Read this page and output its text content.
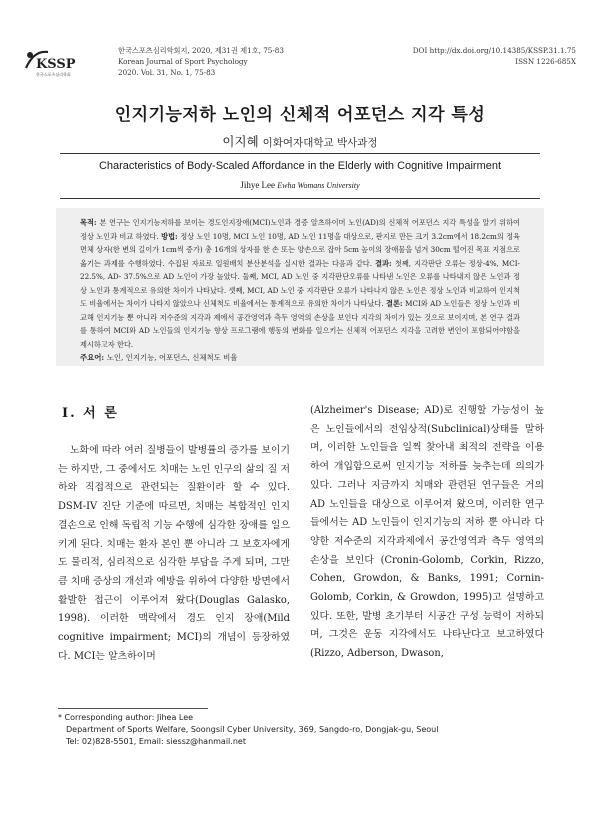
KSSP
한국스포츠심리학회
한국스포츠심리학회지, 2020, 제31권 제1호, 75-83
Korean Journal of Sport Psychology
2020. Vol. 31, No. 1, 75-83
DOI http://dx.doi.org/10.14385/KSSP.31.1.75
ISSN 1226-685X
인지기능저하 노인의 신체적 어포던스 지각 특성
이지혜 이화여자대학교 박사과정
Characteristics of Body-Scaled Affordance in the Elderly with Cognitive Impairment
Jihye Lee Ewha Womans University
목적: 본 연구는 인지기능저하를 보이는 경도인지장애(MCI)노인과 경증 알츠하이머 노인(AD)의 신체적 어포던스 지각 특성을 알기 위하여 정상 노인과 비교 하였다. 방법: 정상 노인 10명, MCI 노인 10명, AD 노인 11명을 대상으로, 판지로 만든 크기 3.2cm에서 18.2cm의 정육면체 상자(한 변의 길이가 1cm씩 증가) 총 16개의 상자를 한 손 또는 양손으로 잡아 5cm 높이의 장애물을 넘겨 30cm 떨어진 목표 지점으로 옮기는 과제를 수행하였다. 수집된 자료로 일원배치 분산분석을 실시한 결과는 다음과 같다. 결과: 첫째, 지각판단 오류는 정상-4%, MCI- 22.5%, AD- 37.5%으로 AD 노인이 가장 높았다. 둘째, MCI, AD 노인 중 지각판단오류를 나타낸 노인은 오류를 나타내지 않은 노인과 정상 노인과 통계적으로 유의한 차이가 나타났다. 셋째, MCI, AD 노인 중 지각판단 오류가 나타나지 않은 노인은 정상 노인과 비교하여 인지척도 비율에서는 차이가 나타지 않았으나 신체척도 비율에서는 통계적으로 유의한 차이가 나타났다. 결론: MCI와 AD 노인들은 정상 노인과 비교해 인지기능 뿐 아니라 저수준의 지각과 제에서 공간영역과 측두 영역의 손상을 보인다 지각의 차이가 있는 것으로 보이지며, 본 연구 결과를 통하여 MCI와 AD 노인들의 인지기능 향상 프로그램에 행동의 변화를 일으키는 신체적 어포던스 지각을 고려한 변인이 포함되어야함을 제시하고자 한다.
주요어: 노인, 인지기능, 어포던스, 신체척도 비율
Ⅰ. 서 론
노화에 따라 여러 질병들이 발병률의 증가를 보이기는 하지만, 그 중에서도 치매는 노인 인구의 삶의 질 저하와 직접적으로 관련되는 질환이라 할 수 있다. DSM-IV 진단 기준에 따르면, 치매는 복합적인 인지결손으로 인해 독립적 기능 수행에 심각한 장애를 일으키게 된다. 치매는 환자 본인 뿐 아니라 그 보호자에게도 물리적, 심리적으로 심각한 부담을 주게 되며, 그만큼 치매 증상의 개선과 예방을 위하여 다양한 방면에서 활발한 접근이 이루어져 왔다(Douglas Galasko, 1998). 이러한 맥락에서 경도 인지 장애(Mild cognitive impairment; MCI)의 개념이 등장하였다. MCI는 알츠하이머
(Alzheimer's Disease; AD)로 진행할 가능성이 높은 노인들에서의 전임상적(Subclinical)상태를 말하며, 이러한 노인들을 일찍 찾아내 최적의 전략을 이용하여 개입함으로써 인지기능 저하를 늦추는데 의의가 있다. 그러나 지금까지 치매와 관련된 연구들은 거의 AD 노인들을 대상으로 이루어져 왔으며, 이러한 연구들에서는 AD 노인들이 인지기능의 저하 뿐 아니라 다양한 저수준의 지각과제에서 공간영역과 측두 영역의 손상을 보인다 (Cronin-Golomb, Corkin, Rizzo, Cohen, Growdon, & Banks, 1991; Cornin-Golomb, Corkin, & Growdon, 1995)고 설명하고 있다. 또한, 발병 초기부터 시공간 구성 능력이 저하되며, 그것은 운동 지각에서도 나타난다고 보고하였다(Rizzo, Adberson, Dwason,
* Corresponding author: Jihea Lee
Department of Sports Welfare, Soongsil Cyber University, 369, Sangdo-ro, Dongjak-gu, Seoul
Tel: 02)828-5501, Email: siessz@hanmail.net
